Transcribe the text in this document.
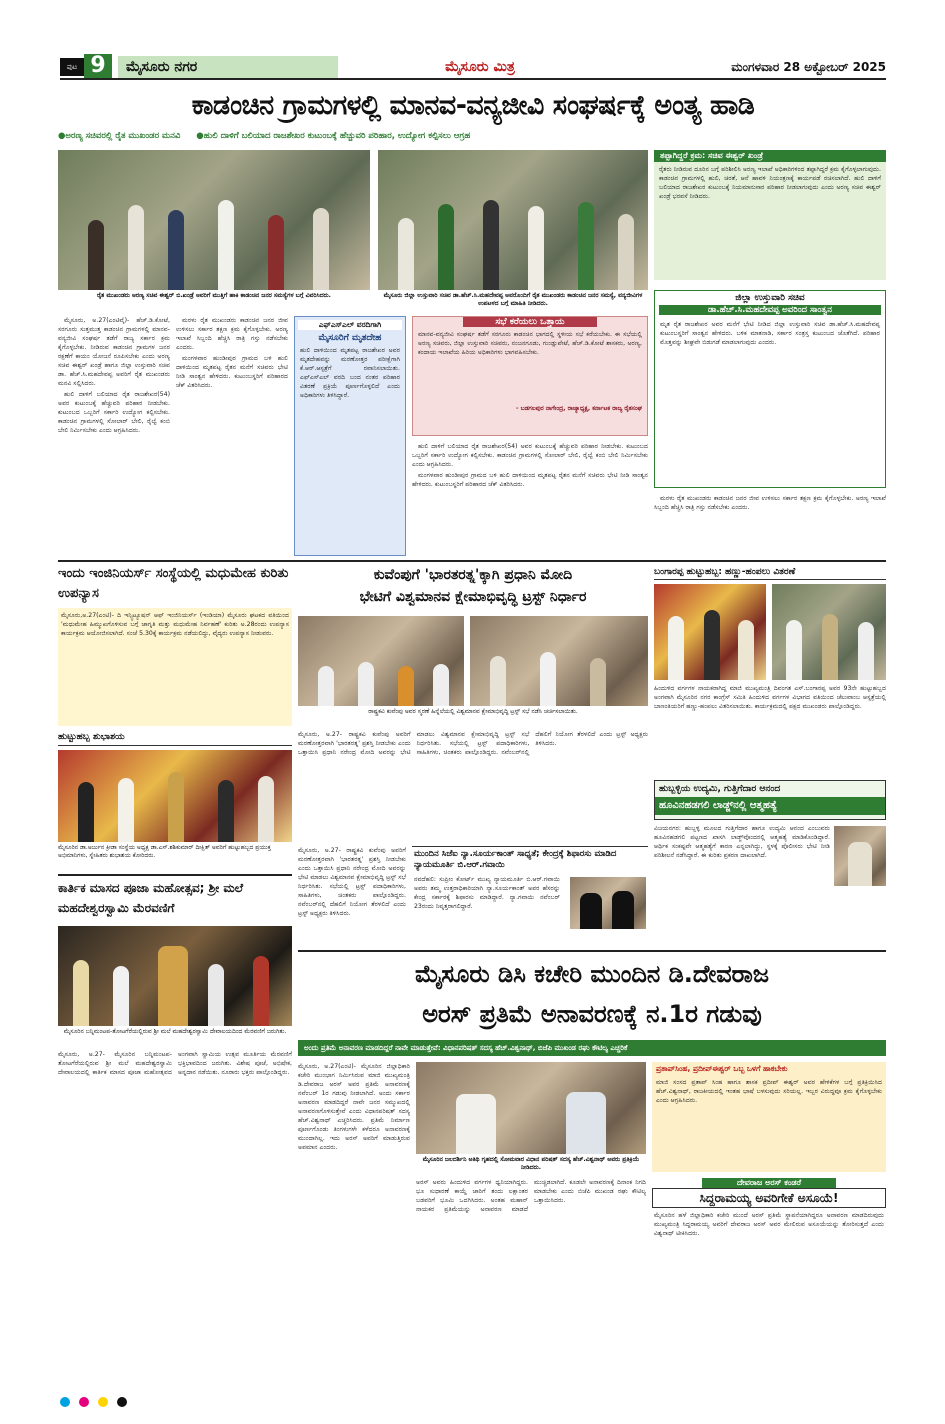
ಪುಟ 9	ಮೈಸೂರು ನಗರ	ಮೈಸೂರು ಮಿತ್ರ	ಮಂಗಳವಾರ 28 ಅಕ್ಟೋಬರ್ 2025
ಕಾಡಂಚಿನ ಗ್ರಾಮಗಳಲ್ಲಿ ಮಾನವ-ವನ್ಯಜೀವಿ ಸಂಘರ್ಷಕ್ಕೆ ಅಂತ್ಯ ಹಾಡಿ
●ಅರಣ್ಯ ಸಚಿವರಲ್ಲಿ ರೈತ ಮುಖಂಡರ ಮನವಿ ●ಹುಲಿ ದಾಳಿಗೆ ಬಲಿಯಾದ ರಾಜಶೇಖರ ಕುಟುಂಬಕ್ಕೆ ಹೆಚ್ಚುವರಿ ಪರಿಹಾರ, ಉದ್ಯೋಗ ಕಲ್ಪಿಸಲು ಆಗ್ರಹ
ರೈತ ಮುಖಂಡರು ಅರಣ್ಯ ಸಚಿವ ಈಶ್ವರ್ ಬಿ.ಖಂಡ್ರೆ ಅವರಿಗೆ ಮುತ್ತಿಗೆ ಹಾಕಿ ಕಾಡಂಚಿನ ಜನರ ಸಮಸ್ಯೆಗಳ ಬಗ್ಗೆ ವಿವರಿಸಿದರು.	ಮೈಸೂರು ಜಿಲ್ಲಾ ಉಸ್ತುವಾರಿ ಸಚಿವ ಡಾ.ಹೆಚ್.ಸಿ.ಮಹದೇವಪ್ಪ ಅವರೊಂದಿಗೆ ರೈತ ಮುಖಂಡರು ಕಾಡಂಚಿನ ಜನರ ಸಮಸ್ಯೆ, ವನ್ಯಜೀವಿಗಳ ಉಪಟಳದ ಬಗ್ಗೆ ಮಾಹಿತಿ ನೀಡಿದರು.
ತಪ್ಪಾಗಿದ್ದರೆ ಕ್ರಮ: ಸಚಿವ ಈಶ್ವರ್ ಖಂಡ್ರೆ
ರೈತರು ನೀಡಿರುವ ದೂರಿನ ಬಗ್ಗೆ ಪರಿಶೀಲಿಸಿ ಅರಣ್ಯ ಇಲಾಖೆ ಅಧಿಕಾರಿಗಳಿಂದ ತಪ್ಪಾಗಿದ್ದರೆ ಕ್ರಮ ಕೈಗೊಳ್ಳಲಾಗುವುದು. ಕಾಡಂಚಿನ ಗ್ರಾಮಗಳಲ್ಲಿ ಹುಲಿ, ಚಿರತೆ, ಆನೆ ಹಾವಳಿ ನಿಯಂತ್ರಣಕ್ಕೆ ಕಾರ್ಯಪಡೆ ರಚಿಸಲಾಗಿದೆ. ಹುಲಿ ದಾಳಿಗೆ ಬಲಿಯಾದ ರಾಜಶೇಖರ ಕುಟುಂಬಕ್ಕೆ ನಿಯಮಾನುಸಾರ ಪರಿಹಾರ ನೀಡಲಾಗುವುದು ಎಂದು ಅರಣ್ಯ ಸಚಿವ ಈಶ್ವರ್ ಖಂಡ್ರೆ ಭರವಸೆ ನೀಡಿದರು.
ಜಿಲ್ಲಾ ಉಸ್ತುವಾರಿ ಸಚಿವ
ಡಾ.ಹೆಚ್.ಸಿ.ಮಹದೇವಪ್ಪ ಅವರಿಂದ ಸಾಂತ್ವನ
ಮೃತ ರೈತ ರಾಜಶೇಖರ ಅವರ ಮನೆಗೆ ಭೇಟಿ ನೀಡಿದ ಜಿಲ್ಲಾ ಉಸ್ತುವಾರಿ ಸಚಿವ ಡಾ.ಹೆಚ್.ಸಿ.ಮಹದೇವಪ್ಪ ಕುಟುಂಬಸ್ಥರಿಗೆ ಸಾಂತ್ವನ ಹೇಳಿದರು. ಬಳಿಕ ಮಾತನಾಡಿ, ಸರ್ಕಾರ ಸಂತ್ರಸ್ತ ಕುಟುಂಬದ ಜೊತೆಗಿದೆ. ಪರಿಹಾರ ಮೊತ್ತವನ್ನು ಶೀಘ್ರವೇ ಬಿಡುಗಡೆ ಮಾಡಲಾಗುವುದು ಎಂದರು.

ಮೈಸೂರು, ಅ.27(ಎಂಟಿವೈ)- ಹೆಚ್.ಡಿ.ಕೋಟೆ, ಸರಗೂರು ಸುತ್ತಮುತ್ತ ಕಾಡಂಚಿನ ಗ್ರಾಮಗಳಲ್ಲಿ ಮಾನವ-ವನ್ಯಜೀವಿ ಸಂಘರ್ಷ ತಡೆಗೆ ರಾಜ್ಯ ಸರ್ಕಾರ ಕ್ರಮ ಕೈಗೊಳ್ಳಬೇಕು. ನೀಡಿರುವ ಕಾಡಂಚಿನ ಗ್ರಾಮಗಳ ಜನರ ರಕ್ಷಣೆಗೆ ಕಾಯಂ ಯೋಜನೆ ರೂಪಿಸಬೇಕು ಎಂದು ಅರಣ್ಯ ಸಚಿವ ಈಶ್ವರ್ ಖಂಡ್ರೆ ಹಾಗೂ ಜಿಲ್ಲಾ ಉಸ್ತುವಾರಿ ಸಚಿವ ಡಾ. ಹೆಚ್.ಸಿ.ಮಹದೇವಪ್ಪ ಅವರಿಗೆ ರೈತ ಮುಖಂಡರು ಮನವಿ ಸಲ್ಲಿಸಿದರು.

ಹುಲಿ ದಾಳಿಗೆ ಬಲಿಯಾದ ರೈತ ರಾಜಶೇಖರ(54) ಅವರ ಕುಟುಂಬಕ್ಕೆ ಹೆಚ್ಚುವರಿ ಪರಿಹಾರ ನೀಡಬೇಕು. ಕುಟುಂಬದ ಒಬ್ಬರಿಗೆ ಸರ್ಕಾರಿ ಉದ್ಯೋಗ ಕಲ್ಪಿಸಬೇಕು. ಕಾಡಂಚಿನ ಗ್ರಾಮಗಳಲ್ಲಿ ಸೋಲಾರ್ ಬೇಲಿ, ರೈಲ್ವೆ ಕಂಬಿ ಬೇಲಿ ನಿರ್ಮಿಸಬೇಕು ಎಂದು ಆಗ್ರಹಿಸಿದರು.

ಮರಳು ರೈತ ಮುಖಂಡರು ಕಾಡಂಚಿನ ಜನರ ಜೀವ ಉಳಿಸಲು ಸರ್ಕಾರ ತಕ್ಷಣ ಕ್ರಮ ಕೈಗೊಳ್ಳಬೇಕು. ಅರಣ್ಯ ಇಲಾಖೆ ಸಿಬ್ಬಂದಿ ಹೆಚ್ಚಿಸಿ ರಾತ್ರಿ ಗಸ್ತು ನಡೆಸಬೇಕು ಎಂದರು.

ಮಂಗಳವಾರ ಹುಂಡೀಪುರ ಗ್ರಾಮದ ಬಳಿ ಹುಲಿ ದಾಳಿಯಿಂದ ಮೃತಪಟ್ಟ ರೈತನ ಮನೆಗೆ ಸಚಿವರು ಭೇಟಿ ನೀಡಿ ಸಾಂತ್ವನ ಹೇಳಿದರು. ಕುಟುಂಬಸ್ಥರಿಗೆ ಪರಿಹಾರದ ಚೆಕ್ ವಿತರಿಸಿದರು.

ಎಫ್‌ಎಸ್‌ಎಲ್ ವರದಿಗಾಗಿ
ಮೈಸೂರಿಗೆ ಮೃತದೇಹ
ಹುಲಿ ದಾಳಿಯಿಂದ ಮೃತಪಟ್ಟ ರಾಜಶೇಖರ ಅವರ ಮೃತದೇಹವನ್ನು ಮರಣೋತ್ತರ ಪರೀಕ್ಷೆಗಾಗಿ ಕೆ.ಆರ್.ಆಸ್ಪತ್ರೆಗೆ ರವಾನಿಸಲಾಯಿತು. ಎಫ್‌ಎಸ್‌ಎಲ್ ವರದಿ ಬಂದ ನಂತರ ಪರಿಹಾರ ವಿತರಣೆ ಪ್ರಕ್ರಿಯೆ ಪೂರ್ಣಗೊಳ್ಳಲಿದೆ ಎಂದು ಅಧಿಕಾರಿಗಳು ತಿಳಿಸಿದ್ದಾರೆ.
ಸಭೆ ಕರೆಯಲು ಒತ್ತಾಯ
ಮಾನವ-ವನ್ಯಜೀವಿ ಸಂಘರ್ಷ ತಡೆಗೆ ಸರಗೂರು ಕಾಡಂಚಿನ ಭಾಗದಲ್ಲಿ ಸ್ಥಳೀಯ ಸಭೆ ಕರೆಯಬೇಕು. ಈ ಸಭೆಯಲ್ಲಿ ಅರಣ್ಯ ಸಚಿವರು, ಜಿಲ್ಲಾ ಉಸ್ತುವಾರಿ ಸಚಿವರು, ನಂಜನಗೂಡು, ಗುಂಡ್ಲುಪೇಟೆ, ಹೆಚ್.ಡಿ.ಕೋಟೆ ಶಾಸಕರು, ಅರಣ್ಯ, ಕಂದಾಯ ಇಲಾಖೆಯ ಹಿರಿಯ ಅಧಿಕಾರಿಗಳು ಭಾಗವಹಿಸಬೇಕು.
- ಬಡಗಲಪುರ ನಾಗೇಂದ್ರ, ರಾಜ್ಯಾಧ್ಯಕ್ಷ, ಕರ್ನಾಟಕ ರಾಜ್ಯ ರೈತಸಂಘ

ಹುಲಿ ದಾಳಿಗೆ ಬಲಿಯಾದ ರೈತ ರಾಜಶೇಖರ(54) ಅವರ ಕುಟುಂಬಕ್ಕೆ ಹೆಚ್ಚುವರಿ ಪರಿಹಾರ ನೀಡಬೇಕು. ಕುಟುಂಬದ ಒಬ್ಬರಿಗೆ ಸರ್ಕಾರಿ ಉದ್ಯೋಗ ಕಲ್ಪಿಸಬೇಕು. ಕಾಡಂಚಿನ ಗ್ರಾಮಗಳಲ್ಲಿ ಸೋಲಾರ್ ಬೇಲಿ, ರೈಲ್ವೆ ಕಂಬಿ ಬೇಲಿ ನಿರ್ಮಿಸಬೇಕು ಎಂದು ಆಗ್ರಹಿಸಿದರು.

ಮಂಗಳವಾರ ಹುಂಡೀಪುರ ಗ್ರಾಮದ ಬಳಿ ಹುಲಿ ದಾಳಿಯಿಂದ ಮೃತಪಟ್ಟ ರೈತನ ಮನೆಗೆ ಸಚಿವರು ಭೇಟಿ ನೀಡಿ ಸಾಂತ್ವನ ಹೇಳಿದರು. ಕುಟುಂಬಸ್ಥರಿಗೆ ಪರಿಹಾರದ ಚೆಕ್ ವಿತರಿಸಿದರು.

ಮರಳು ರೈತ ಮುಖಂಡರು ಕಾಡಂಚಿನ ಜನರ ಜೀವ ಉಳಿಸಲು ಸರ್ಕಾರ ತಕ್ಷಣ ಕ್ರಮ ಕೈಗೊಳ್ಳಬೇಕು. ಅರಣ್ಯ ಇಲಾಖೆ ಸಿಬ್ಬಂದಿ ಹೆಚ್ಚಿಸಿ ರಾತ್ರಿ ಗಸ್ತು ನಡೆಸಬೇಕು ಎಂದರು.

ಇಂದು ಇಂಜಿನಿಯರ್ಸ್ ಸಂಸ್ಥೆಯಲ್ಲಿ ಮಧುಮೇಹ ಕುರಿತು ಉಪನ್ಯಾಸ
ಮೈಸೂರು,ಅ.27(ಎಂಟಿ)- ದಿ ಇನ್ಸ್ಟಿಟ್ಯೂಷನ್ ಆಫ್ ಇಂಜಿನಿಯರ್ಸ್ (ಇಂಡಿಯಾ) ಮೈಸೂರು ಘಟಕದ ವತಿಯಿಂದ 'ಮಧುಮೇಹ ಹಿಮ್ಮುಖಗೊಳಿಸುವ ಬಗ್ಗೆ ಜಾಗೃತಿ ಮತ್ತು ಮಧುಮೇಹ ನಿರ್ವಹಣೆ' ಕುರಿತು ಅ.28ರಂದು ಉಪನ್ಯಾಸ ಕಾರ್ಯಕ್ರಮ ಆಯೋಜಿಸಲಾಗಿದೆ. ಸಂಜೆ 5.30ಕ್ಕೆ ಕಾರ್ಯಕ್ರಮ ನಡೆಯಲಿದ್ದು, ವೈದ್ಯರು ಉಪನ್ಯಾಸ ನೀಡುವರು.
ಹುಟ್ಟುಹಬ್ಬ ಶುಭಾಶಯ
ಮೈಸೂರಿನ ಡಾ.ಅರ್ಜುನ ಕ್ರೀಡಾ ಸಂಸ್ಥೆಯ ಅಧ್ಯಕ್ಷ ಡಾ.ಎಸ್.ಶಶಿಕುಮಾರ್ ದೀಕ್ಷಿತ್ ಅವರಿಗೆ ಹುಟ್ಟುಹಬ್ಬದ ಪ್ರಯುಕ್ತ ಅಭಿಮಾನಿಗಳು, ಸ್ನೇಹಿತರು ಶುಭಾಶಯ ಕೋರಿದರು.
ಕಾರ್ತಿಕ ಮಾಸದ ಪೂಜಾ ಮಹೋತ್ಸವ; ಶ್ರೀ ಮಲೆ ಮಹದೇಶ್ವರಸ್ವಾಮಿ ಮೆರವಣಿಗೆ
ಮೈಸೂರಿನ ಬನ್ನಿಮಂಟಪ-ತೋಟಗೆರೆಯಲ್ಲಿರುವ ಶ್ರೀ ಮಲೆ ಮಹದೇಶ್ವರಸ್ವಾಮಿ ದೇವಾಲಯದಿಂದ ಮೆರವಣಿಗೆ ಜರುಗಿತು.
ಮೈಸೂರು, ಅ.27- ಮೈಸೂರಿನ ಬನ್ನಿಮಂಟಪ-ತೋಟಗೆರೆಯಲ್ಲಿರುವ ಶ್ರೀ ಮಲೆ ಮಹದೇಶ್ವರಸ್ವಾಮಿ ದೇವಾಲಯದಲ್ಲಿ ಕಾರ್ತಿಕ ಮಾಸದ ಪೂಜಾ ಮಹೋತ್ಸವದ ಅಂಗವಾಗಿ ಸ್ವಾಮಿಯ ಉತ್ಸವ ಮೂರ್ತಿಯ ಮೆರವಣಿಗೆ ಭಕ್ತಿಭಾವದಿಂದ ಜರುಗಿತು. ವಿಶೇಷ ಪೂಜೆ, ಅಭಿಷೇಕ, ಅನ್ನದಾನ ನಡೆಯಿತು. ನೂರಾರು ಭಕ್ತರು ಪಾಲ್ಗೊಂಡಿದ್ದರು.
ಕುವೆಂಪುಗೆ 'ಭಾರತರತ್ನ'ಕ್ಕಾಗಿ ಪ್ರಧಾನಿ ಮೋದಿ
ಭೇಟಿಗೆ ವಿಶ್ವಮಾನವ ಕ್ಷೇಮಾಭಿವೃದ್ಧಿ ಟ್ರಸ್ಟ್ ನಿರ್ಧಾರ
ರಾಷ್ಟ್ರಕವಿ ಕುವೆಂಪು ಅವರ ಸ್ಮರಣೆ ಹಿನ್ನೆಲೆಯಲ್ಲಿ ವಿಶ್ವಮಾನವ ಕ್ಷೇಮಾಭಿವೃದ್ಧಿ ಟ್ರಸ್ಟ್ ಸಭೆ ನಡೆಸಿ ಚರ್ಚಿಸಲಾಯಿತು.
ಮೈಸೂರು, ಅ.27- ರಾಷ್ಟ್ರಕವಿ ಕುವೆಂಪು ಅವರಿಗೆ ಮರಣೋತ್ತರವಾಗಿ 'ಭಾರತರತ್ನ' ಪ್ರಶಸ್ತಿ ನೀಡಬೇಕು ಎಂದು ಒತ್ತಾಯಿಸಿ ಪ್ರಧಾನಿ ನರೇಂದ್ರ ಮೋದಿ ಅವರನ್ನು ಭೇಟಿ ಮಾಡಲು ವಿಶ್ವಮಾನವ ಕ್ಷೇಮಾಭಿವೃದ್ಧಿ ಟ್ರಸ್ಟ್ ಸಭೆ ನಿರ್ಧರಿಸಿತು. ಸಭೆಯಲ್ಲಿ ಟ್ರಸ್ಟ್ ಪದಾಧಿಕಾರಿಗಳು, ಸಾಹಿತಿಗಳು, ಚಿಂತಕರು ಪಾಲ್ಗೊಂಡಿದ್ದರು. ನವೆಂಬರ್‌ನಲ್ಲಿ ದೆಹಲಿಗೆ ನಿಯೋಗ ತೆರಳಲಿದೆ ಎಂದು ಟ್ರಸ್ಟ್ ಅಧ್ಯಕ್ಷರು ತಿಳಿಸಿದರು.
ಮುಂದಿನ ಸಿಜೆಐ ನ್ಯಾ.ಸೂರ್ಯಕಾಂತ್ ಸಾಧ್ಯತೆ; ಕೇಂದ್ರಕ್ಕೆ ಶಿಫಾರಸು ಮಾಡಿದ ನ್ಯಾಯಮೂರ್ತಿ ಬಿ.ಆರ್.ಗವಾಯಿ
ನವದೆಹಲಿ: ಸುಪ್ರೀಂ ಕೋರ್ಟ್ ಮುಖ್ಯ ನ್ಯಾಯಮೂರ್ತಿ ಬಿ.ಆರ್.ಗವಾಯಿ ಅವರು ತಮ್ಮ ಉತ್ತರಾಧಿಕಾರಿಯಾಗಿ ನ್ಯಾ.ಸೂರ್ಯಕಾಂತ್ ಅವರ ಹೆಸರನ್ನು ಕೇಂದ್ರ ಸರ್ಕಾರಕ್ಕೆ ಶಿಫಾರಸು ಮಾಡಿದ್ದಾರೆ. ನ್ಯಾ.ಗವಾಯಿ ನವೆಂಬರ್ 23ರಂದು ನಿವೃತ್ತರಾಗಲಿದ್ದಾರೆ.
ಮೈಸೂರು, ಅ.27- ರಾಷ್ಟ್ರಕವಿ ಕುವೆಂಪು ಅವರಿಗೆ ಮರಣೋತ್ತರವಾಗಿ 'ಭಾರತರತ್ನ' ಪ್ರಶಸ್ತಿ ನೀಡಬೇಕು ಎಂದು ಒತ್ತಾಯಿಸಿ ಪ್ರಧಾನಿ ನರೇಂದ್ರ ಮೋದಿ ಅವರನ್ನು ಭೇಟಿ ಮಾಡಲು ವಿಶ್ವಮಾನವ ಕ್ಷೇಮಾಭಿವೃದ್ಧಿ ಟ್ರಸ್ಟ್ ಸಭೆ ನಿರ್ಧರಿಸಿತು. ಸಭೆಯಲ್ಲಿ ಟ್ರಸ್ಟ್ ಪದಾಧಿಕಾರಿಗಳು, ಸಾಹಿತಿಗಳು, ಚಿಂತಕರು ಪಾಲ್ಗೊಂಡಿದ್ದರು. ನವೆಂಬರ್‌ನಲ್ಲಿ ದೆಹಲಿಗೆ ನಿಯೋಗ ತೆರಳಲಿದೆ ಎಂದು ಟ್ರಸ್ಟ್ ಅಧ್ಯಕ್ಷರು ತಿಳಿಸಿದರು.
ಬಂಗಾರಪ್ಪ ಹುಟ್ಟುಹಬ್ಬ: ಹಣ್ಣು-ಹಂಪಲು ವಿತರಣೆ
ಹಿಂದುಳಿದ ವರ್ಗಗಳ ನಾಯಕರಾಗಿದ್ದ ಮಾಜಿ ಮುಖ್ಯಮಂತ್ರಿ ದಿವಂಗತ ಎಸ್.ಬಂಗಾರಪ್ಪ ಅವರ 93ನೇ ಹುಟ್ಟುಹಬ್ಬದ ಅಂಗವಾಗಿ ಮೈಸೂರಿನ ನಗರ ಕಾಂಗ್ರೆಸ್ ಸಮಿತಿ ಹಿಂದುಳಿದ ವರ್ಗಗಳ ವಿಭಾಗದ ವತಿಯಿಂದ ಚೆಲುವಾಂಬ ಆಸ್ಪತ್ರೆಯಲ್ಲಿ ಬಾಣಂತಿಯರಿಗೆ ಹಣ್ಣು-ಹಂಪಲು ವಿತರಿಸಲಾಯಿತು. ಕಾರ್ಯಕ್ರಮದಲ್ಲಿ ಪಕ್ಷದ ಮುಖಂಡರು ಪಾಲ್ಗೊಂಡಿದ್ದರು.
ಹುಬ್ಬಳ್ಳಿಯ ಉದ್ಯಮಿ, ಗುತ್ತಿಗೆದಾರ ಆನಂದ
ಹೂವಿನಹಡಗಲಿ ಲಾಡ್ಜ್‌ನಲ್ಲಿ ಆತ್ಮಹತ್ಯೆ
ವಿಜಯನಗರ: ಹುಬ್ಬಳ್ಳಿ ಮೂಲದ ಗುತ್ತಿಗೆದಾರ ಹಾಗೂ ಉದ್ಯಮಿ ಆನಂದ ಎಂಬುವರು ಹೂವಿನಹಡಗಲಿ ಪಟ್ಟಣದ ಖಾಸಗಿ ಲಾಡ್ಜ್‌ವೊಂದರಲ್ಲಿ ಆತ್ಮಹತ್ಯೆ ಮಾಡಿಕೊಂಡಿದ್ದಾರೆ. ಆರ್ಥಿಕ ಸಂಕಷ್ಟವೇ ಆತ್ಮಹತ್ಯೆಗೆ ಕಾರಣ ಎನ್ನಲಾಗಿದ್ದು, ಸ್ಥಳಕ್ಕೆ ಪೊಲೀಸರು ಭೇಟಿ ನೀಡಿ ಪರಿಶೀಲನೆ ನಡೆಸಿದ್ದಾರೆ. ಈ ಕುರಿತು ಪ್ರಕರಣ ದಾಖಲಾಗಿದೆ.
ಮೈಸೂರು ಡಿಸಿ ಕಚೇರಿ ಮುಂದಿನ ಡಿ.ದೇವರಾಜ
ಅರಸ್ ಪ್ರತಿಮೆ ಅನಾವರಣಕ್ಕೆ ನ.1ರ ಗಡುವು
ಅಂದು ಪ್ರತಿಮೆ ಅನಾವರಣ ಮಾಡದಿದ್ದರೆ ನಾವೇ ಮಾಡುತ್ತೇವೆ: ವಿಧಾನಪರಿಷತ್ ಸದಸ್ಯ ಹೆಚ್.ವಿಶ್ವನಾಥ್, ಬಿಜೆಪಿ ಮುಖಂಡ ರಘು ಕೌಟಿಲ್ಯ ಎಚ್ಚರಿಕೆ
ಮೈಸೂರು, ಅ.27(ಎಂಟಿ)- ಮೈಸೂರಿನ ಜಿಲ್ಲಾಧಿಕಾರಿ ಕಚೇರಿ ಮುಂಭಾಗ ನಿರ್ಮಿಸಿರುವ ಮಾಜಿ ಮುಖ್ಯಮಂತ್ರಿ ಡಿ.ದೇವರಾಜ ಅರಸ್ ಅವರ ಪ್ರತಿಮೆ ಅನಾವರಣಕ್ಕೆ ನವೆಂಬರ್ 1ರ ಗಡುವು ನೀಡಲಾಗಿದೆ. ಅಂದು ಸರ್ಕಾರ ಅನಾವರಣ ಮಾಡದಿದ್ದರೆ ನಾವೇ ಜನರ ಸಮ್ಮುಖದಲ್ಲಿ ಅನಾವರಣಗೊಳಿಸುತ್ತೇವೆ ಎಂದು ವಿಧಾನಪರಿಷತ್ ಸದಸ್ಯ ಹೆಚ್.ವಿಶ್ವನಾಥ್ ಎಚ್ಚರಿಸಿದರು. ಪ್ರತಿಮೆ ನಿರ್ಮಾಣ ಪೂರ್ಣಗೊಂಡು ತಿಂಗಳುಗಳೇ ಕಳೆದರೂ ಅನಾವರಣಕ್ಕೆ ಮುಂದಾಗಿಲ್ಲ. ಇದು ಅರಸ್ ಅವರಿಗೆ ಮಾಡುತ್ತಿರುವ ಅವಮಾನ ಎಂದರು.
ಮೈಸೂರಿನ ಜಲದರ್ಶಿನಿ ಅತಿಥಿ ಗೃಹದಲ್ಲಿ ಸೋಮವಾರ ವಿಧಾನ ಪರಿಷತ್ ಸದಸ್ಯ ಹೆಚ್.ವಿಶ್ವನಾಥ್ ಅವರು ಪ್ರತಿಕ್ರಿಯೆ ನೀಡಿದರು.
ಅರಸ್ ಅವರು ಹಿಂದುಳಿದ ವರ್ಗಗಳ ಧ್ವನಿಯಾಗಿದ್ದರು. ಭೂ ಸುಧಾರಣೆ ಕಾಯ್ದೆ ಜಾರಿಗೆ ತಂದು ಲಕ್ಷಾಂತರ ಬಡವರಿಗೆ ಭೂಮಿ ಒದಗಿಸಿದರು. ಅಂತಹ ಮಹಾನ್ ನಾಯಕರ ಪ್ರತಿಮೆಯನ್ನು ಅನಾವರಣ ಮಾಡದೆ ಮುಚ್ಚಿಡಲಾಗಿದೆ. ಕೂಡಲೇ ಅನಾವರಣಕ್ಕೆ ದಿನಾಂಕ ನಿಗದಿ ಮಾಡಬೇಕು ಎಂದು ಬಿಜೆಪಿ ಮುಖಂಡ ರಘು ಕೌಟಿಲ್ಯ ಒತ್ತಾಯಿಸಿದರು.
ಪ್ರತಾಪ್‌ಸಿಂಹ, ಪ್ರದೀಪ್‌ಈಶ್ವರ್ ಒಬ್ಬ ಒಳಗೆ ಹಾಕಬೇಕು
ಮಾಜಿ ಸಂಸದ ಪ್ರತಾಪ್ ಸಿಂಹ ಹಾಗೂ ಶಾಸಕ ಪ್ರದೀಪ್ ಈಶ್ವರ್ ಅವರ ಹೇಳಿಕೆಗಳ ಬಗ್ಗೆ ಪ್ರತಿಕ್ರಿಯಿಸಿದ ಹೆಚ್.ವಿಶ್ವನಾಥ್, ರಾಜಕೀಯದಲ್ಲಿ ಇಂತಹ ಭಾಷೆ ಬಳಸುವುದು ಸರಿಯಲ್ಲ. ಇಬ್ಬರ ವಿರುದ್ಧವೂ ಕ್ರಮ ಕೈಗೊಳ್ಳಬೇಕು ಎಂದು ಆಗ್ರಹಿಸಿದರು.
ದೇವರಾಜ ಅರಸ್ ಕಂಡರೆ
ಸಿದ್ದರಾಮಯ್ಯ ಅವರಿಗೇಕೆ ಅಸೂಯೆ!
ಮೈಸೂರಿನ ಹಳೆ ಜಿಲ್ಲಾಧಿಕಾರಿ ಕಚೇರಿ ಮುಂದೆ ಅರಸ್ ಪ್ರತಿಮೆ ಸ್ಥಾಪನೆಯಾಗಿದ್ದರೂ ಅನಾವರಣ ಮಾಡದಿರುವುದು ಮುಖ್ಯಮಂತ್ರಿ ಸಿದ್ದರಾಮಯ್ಯ ಅವರಿಗೆ ದೇವರಾಜ ಅರಸ್ ಅವರ ಮೇಲಿರುವ ಅಸೂಯೆಯನ್ನು ತೋರಿಸುತ್ತದೆ ಎಂದು ವಿಶ್ವನಾಥ್ ಟೀಕಿಸಿದರು.
